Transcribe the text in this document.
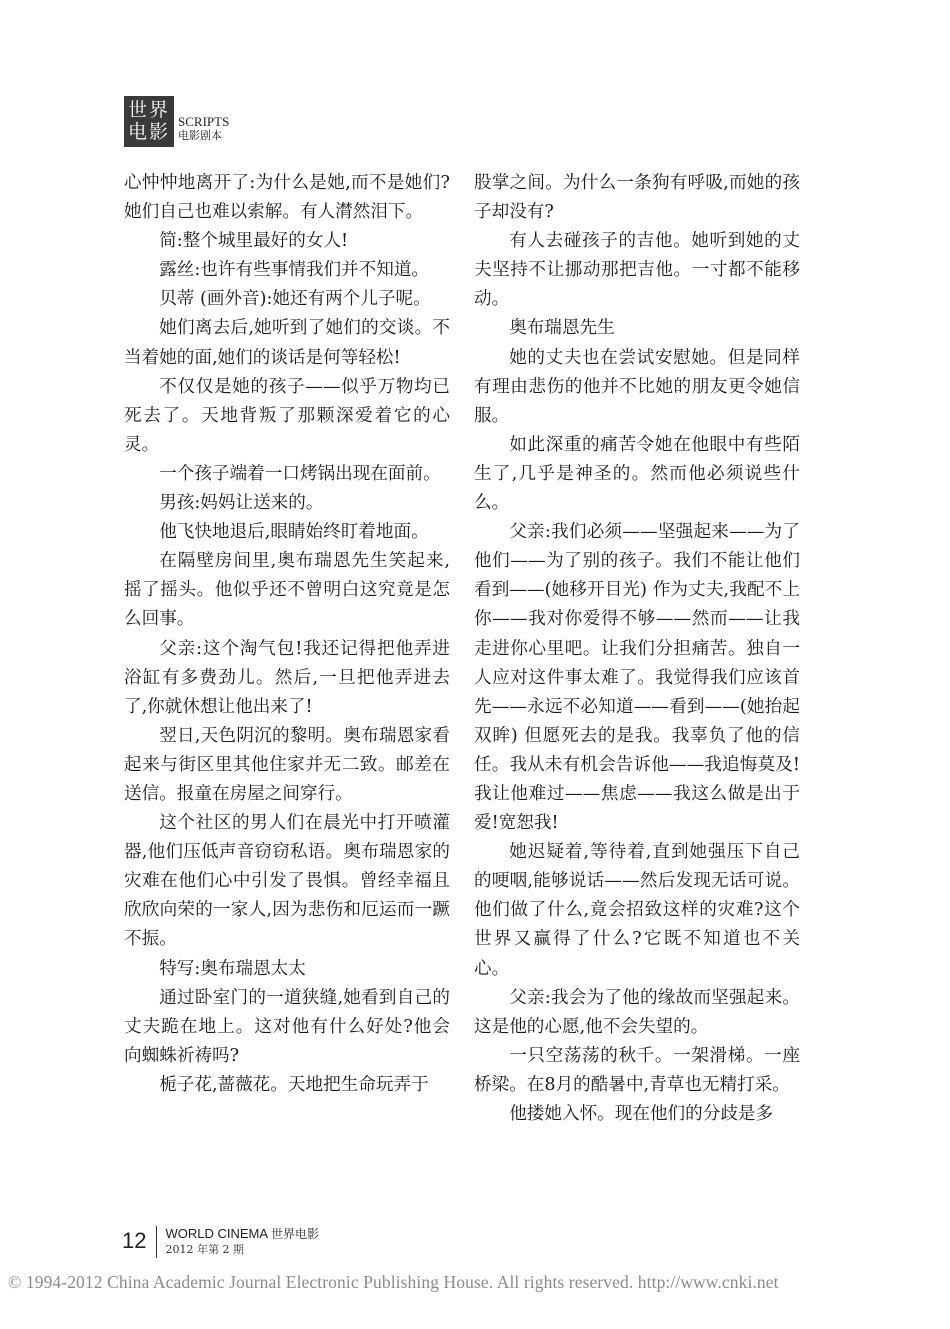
世界
电影 SCRIPTS
电影剧本

心忡忡地离开了:为什么是她,而不是她们?她们自己也难以索解。有人潸然泪下。

简:整个城里最好的女人!

露丝:也许有些事情我们并不知道。

贝蒂 (画外音):她还有两个儿子呢。

她们离去后,她听到了她们的交谈。不当着她的面,她们的谈话是何等轻松!

不仅仅是她的孩子——似乎万物均已死去了。天地背叛了那颗深爱着它的心灵。

一个孩子端着一口烤锅出现在面前。

男孩:妈妈让送来的。

他飞快地退后,眼睛始终盯着地面。

在隔壁房间里,奥布瑞恩先生笑起来,摇了摇头。他似乎还不曾明白这究竟是怎么回事。

父亲:这个淘气包!我还记得把他弄进浴缸有多费劲儿。然后,一旦把他弄进去了,你就休想让他出来了!

翌日,天色阴沉的黎明。奥布瑞恩家看起来与街区里其他住家并无二致。邮差在送信。报童在房屋之间穿行。

这个社区的男人们在晨光中打开喷灌器,他们压低声音窃窃私语。奥布瑞恩家的灾难在他们心中引发了畏惧。曾经幸福且欣欣向荣的一家人,因为悲伤和厄运而一蹶不振。

特写:奥布瑞恩太太

通过卧室门的一道狭缝,她看到自己的丈夫跪在地上。这对他有什么好处?他会向蜘蛛祈祷吗?

栀子花,蔷薇花。天地把生命玩弄于

股掌之间。为什么一条狗有呼吸,而她的孩子却没有?

有人去碰孩子的吉他。她听到她的丈夫坚持不让挪动那把吉他。一寸都不能移动。

奥布瑞恩先生

她的丈夫也在尝试安慰她。但是同样有理由悲伤的他并不比她的朋友更令她信服。

如此深重的痛苦令她在他眼中有些陌生了,几乎是神圣的。然而他必须说些什么。

父亲:我们必须——坚强起来——为了他们——为了别的孩子。我们不能让他们看到——(她移开目光) 作为丈夫,我配不上你——我对你爱得不够——然而——让我走进你心里吧。让我们分担痛苦。独自一人应对这件事太难了。我觉得我们应该首先——永远不必知道——看到——(她抬起双眸) 但愿死去的是我。我辜负了他的信任。我从未有机会告诉他——我追悔莫及!我让他难过——焦虑——我这么做是出于爱!宽恕我!

她迟疑着,等待着,直到她强压下自己的哽咽,能够说话——然后发现无话可说。他们做了什么,竟会招致这样的灾难?这个世界又赢得了什么?它既不知道也不关心。

父亲:我会为了他的缘故而坚强起来。这是他的心愿,他不会失望的。

一只空荡荡的秋千。一架滑梯。一座桥梁。在8月的酷暑中,青草也无精打采。

他搂她入怀。现在他们的分歧是多

12 WORLD CINEMA 世界电影
2012 年第 2 期
© 1994-2012 China Academic Journal Electronic Publishing House. All rights reserved. http://www.cnki.net
